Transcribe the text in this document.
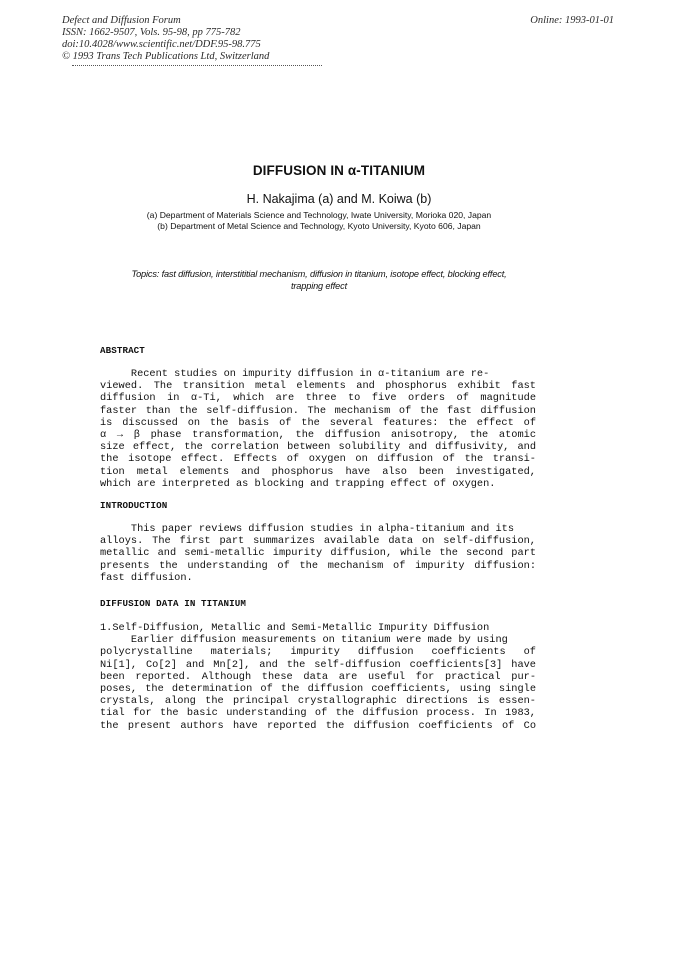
Defect and Diffusion Forum
ISSN: 1662-9507, Vols. 95-98, pp 775-782
doi:10.4028/www.scientific.net/DDF.95-98.775
© 1993 Trans Tech Publications Ltd, Switzerland
Online: 1993-01-01
DIFFUSION IN α-TITANIUM
H. Nakajima (a) and M. Koiwa (b)
(a) Department of Materials Science and Technology, Iwate University, Morioka 020, Japan
(b) Department of Metal Science and Technology, Kyoto University, Kyoto 606, Japan
Topics: fast diffusion, interstititial mechanism, diffusion in titanium, isotope effect, blocking effect,
trapping effect
ABSTRACT
Recent studies on impurity diffusion in α-titanium are re-
viewed. The transition metal elements and phosphorus exhibit fast
diffusion in α-Ti, which are three to five orders of magnitude
faster than the self-diffusion. The mechanism of the fast diffusion
is discussed on the basis of the several features: the effect of
α → β phase transformation, the diffusion anisotropy, the atomic
size effect, the correlation between solubility and diffusivity, and
the isotope effect. Effects of oxygen on diffusion of the transi-
tion metal elements and phosphorus have also been investigated,
which are interpreted as blocking and trapping effect of oxygen.
INTRODUCTION
This paper reviews diffusion studies in alpha-titanium and its
alloys. The first part summarizes available data on self-diffusion,
metallic and semi-metallic impurity diffusion, while the second part
presents the understanding of the mechanism of impurity diffusion:
fast diffusion.
DIFFUSION DATA IN TITANIUM
1.Self-Diffusion, Metallic and Semi-Metallic Impurity Diffusion
Earlier diffusion measurements on titanium were made by using
polycrystalline materials; impurity diffusion coefficients of
Ni[1], Co[2] and Mn[2], and the self-diffusion coefficients[3] have
been reported. Although these data are useful for practical pur-
poses, the determination of the diffusion coefficients, using single
crystals, along the principal crystallographic directions is essen-
tial for the basic understanding of the diffusion process. In 1983,
the present authors have reported the diffusion coefficients of Co
